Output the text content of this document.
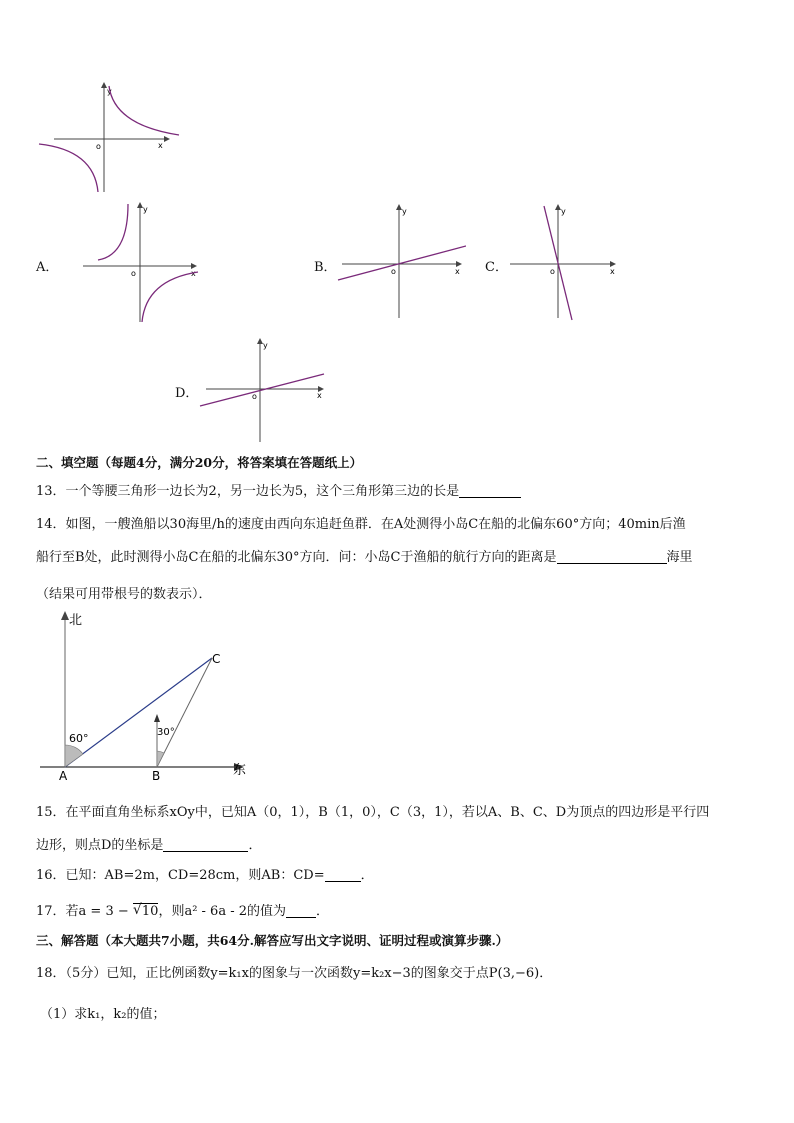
x
y
o
A．	x
y
o	B．	x
y
o	C．	x
y
o
D．	x
y
o
二、填空题（每题4分，满分20分，将答案填在答题纸上）
13．一个等腰三角形一边长为2，另一边长为5，这个三角形第三边的长是
14．如图，一艘渔船以30海里/h的速度由西向东追赶鱼群．在A处测得小岛C在船的北偏东60°方向；40min后渔
船行至B处，此时测得小岛C在船的北偏东30°方向．问：小岛C于渔船的航行方向的距离是	海里
（结果可用带根号的数表示）．
北
东
60°	30°
A	B
C
15．在平面直角坐标系xOy中，已知A（0，1），B（1，0），C（3，1），若以A、B、C、D为顶点的四边形是平行四
边形，则点D的坐标是	．
16．已知：AB=2m，CD=28cm，则AB：CD=	．
17．若a = 3 − √ 10，则a² - 6a - 2的值为 ．
三、解答题（本大题共7小题，共64分.解答应写出文字说明、证明过程或演算步骤.）
18．（5分）已知，正比例函数y=k₁x的图象与一次函数y=k₂x−3的图象交于点P(3,−6)．
（1）求k₁，k₂的值；
